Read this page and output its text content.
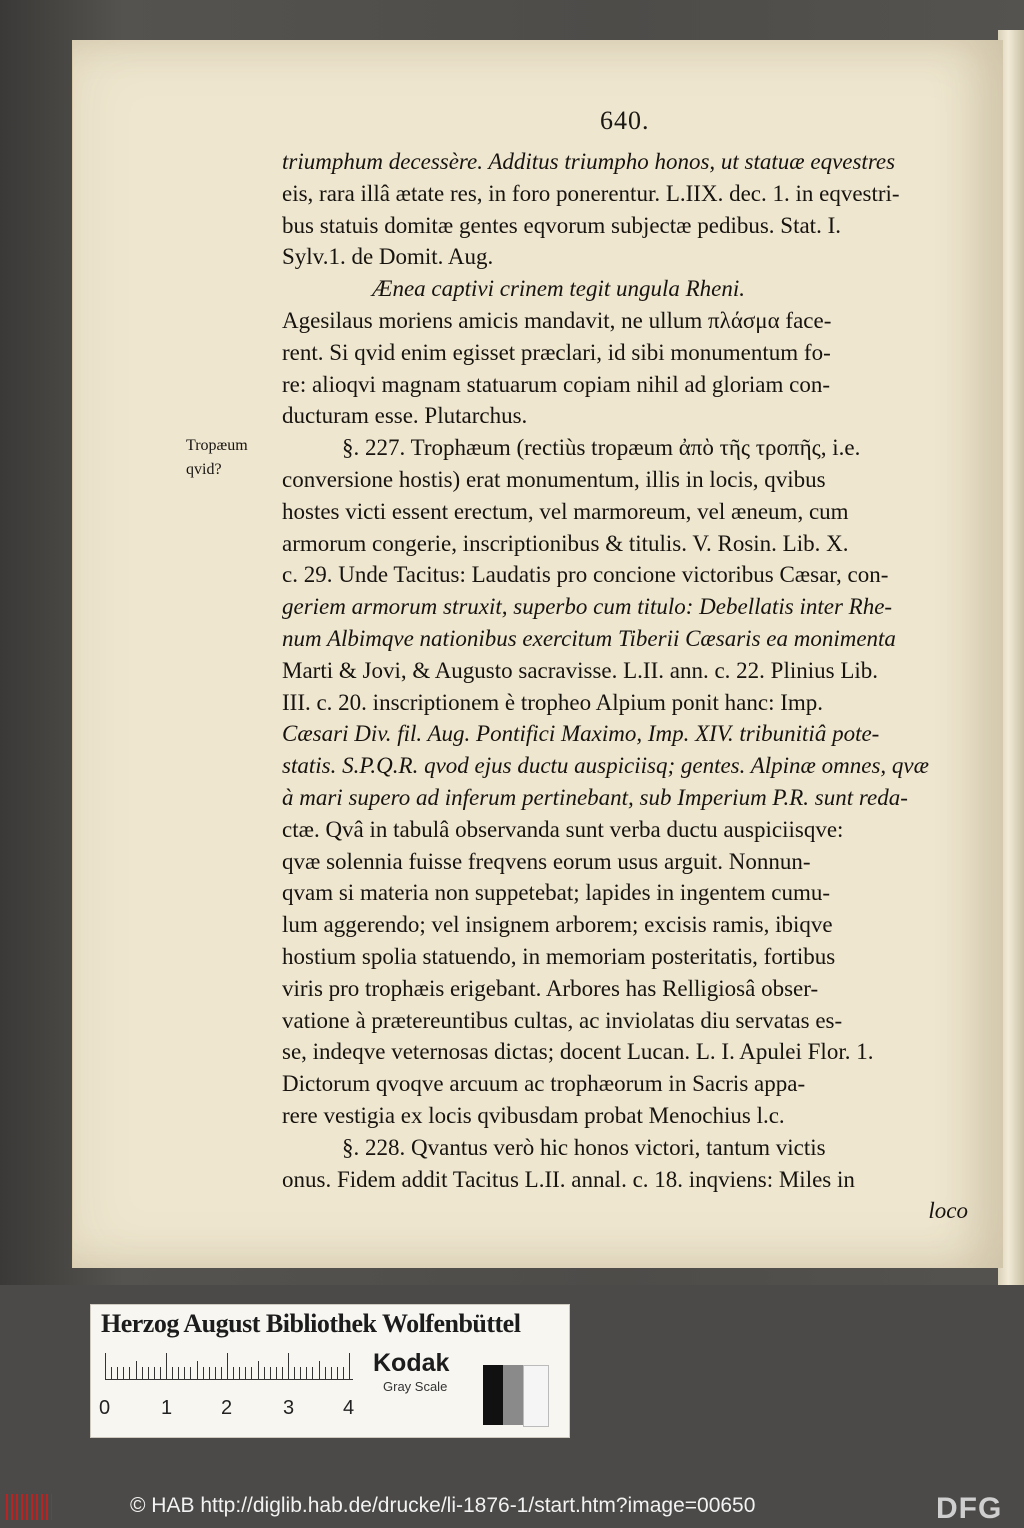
640.
Tropæum
qvid?
triumphum decessère. Additus triumpho honos, ut statuæ eqvestres
eis, rara illâ ætate res, in foro ponerentur. L.IIX. dec. 1. in eqvestri-
bus statuis domitæ gentes eqvorum subjectæ pedibus. Stat. I.
Sylv.1. de Domit. Aug.
Ænea captivi crinem tegit ungula Rheni.
Agesilaus moriens amicis mandavit, ne ullum πλάσμα face-
rent. Si qvid enim egisset præclari, id sibi monumentum fo-
re: alioqvi magnam statuarum copiam nihil ad gloriam con-
ducturam esse. Plutarchus.
§. 227. Trophæum (rectiùs tropæum ἀπὸ τῆς τροπῆς, i.e.
conversione hostis) erat monumentum, illis in locis, qvibus
hostes victi essent erectum, vel marmoreum, vel æneum, cum
armorum congerie, inscriptionibus & titulis. V. Rosin. Lib. X.
c. 29. Unde Tacitus: Laudatis pro concione victoribus Cæsar, con-
geriem armorum struxit, superbo cum titulo: Debellatis inter Rhe-
num Albimqve nationibus exercitum Tiberii Cæsaris ea monimenta
Marti & Jovi, & Augusto sacravisse. L.II. ann. c. 22. Plinius Lib.
III. c. 20. inscriptionem è tropheo Alpium ponit hanc: Imp.
Cæsari Div. fil. Aug. Pontifici Maximo, Imp. XIV. tribunitiâ pote-
statis. S.P.Q.R. qvod ejus ductu auspiciisq; gentes. Alpinæ omnes, qvæ
à mari supero ad inferum pertinebant, sub Imperium P.R. sunt reda-
ctæ. Qvâ in tabulâ observanda sunt verba ductu auspiciisqve:
qvæ solennia fuisse freqvens eorum usus arguit. Nonnun-
qvam si materia non suppetebat; lapides in ingentem cumu-
lum aggerendo; vel insignem arborem; excisis ramis, ibiqve
hostium spolia statuendo, in memoriam posteritatis, fortibus
viris pro trophæis erigebant. Arbores has Relligiosâ obser-
vatione à prætereuntibus cultas, ac inviolatas diu servatas es-
se, indeqve veternosas dictas; docent Lucan. L. I. Apulei Flor. 1.
Dictorum qvoqve arcuum ac trophæorum in Sacris appa-
rere vestigia ex locis qvibusdam probat Menochius l.c.
§. 228. Qvantus verò hic honos victori, tantum victis
onus. Fidem addit Tacitus L.II. annal. c. 18. inqviens: Miles in
loco
Herzog August Bibliothek Wolfenbüttel
0	1 2	3 4
Kodak
Gray Scale
© HAB http://diglib.hab.de/drucke/li-1876-1/start.htm?image=00650	DFG
